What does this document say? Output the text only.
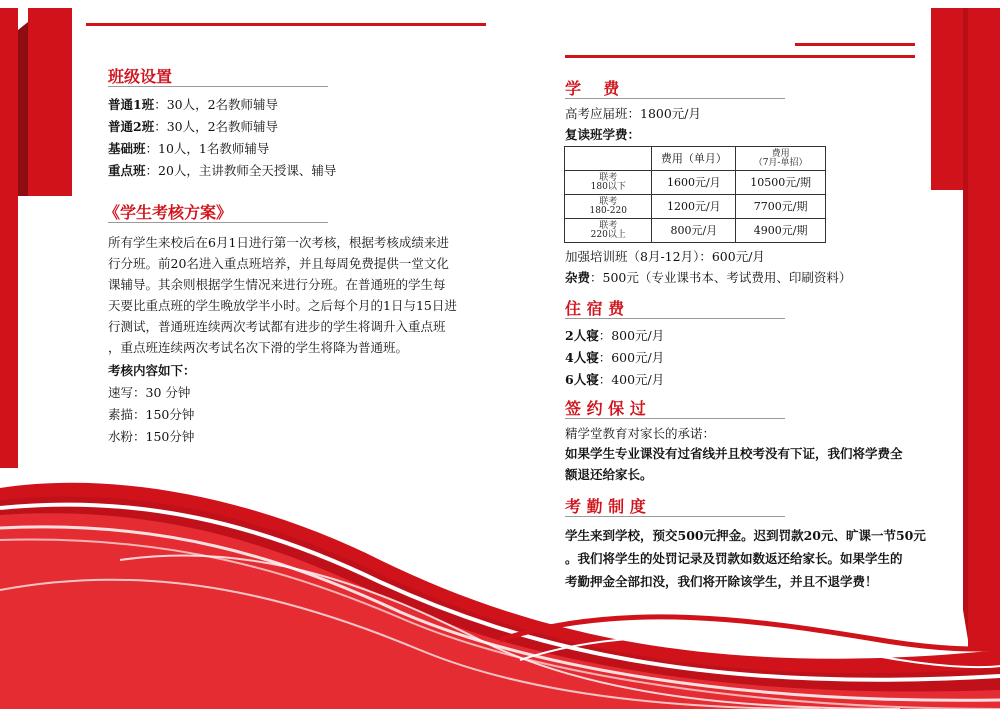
班级设置
普通1班：30人，2名教师辅导
普通2班：30人，2名教师辅导
基础班：10人，1名教师辅导
重点班：20人，主讲教师全天授课、辅导
《学生考核方案》
所有学生来校后在6月1日进行第一次考核，根据考核成绩来进
行分班。前20名进入重点班培养，并且每周免费提供一堂文化
课辅导。其余则根据学生情况来进行分班。在普通班的学生每
天要比重点班的学生晚放学半小时。之后每个月的1日与15日进
行测试，普通班连续两次考试都有进步的学生将调升入重点班
，重点班连续两次考试名次下滑的学生将降为普通班。
考核内容如下：
速写：30 分钟
素描：150分钟
水粉：150分钟
学    费
高考应届班：1800元/月
复读班学费：
	费用（单月）	费用
（7月-单招）

联考
180以下	1600元/月	10500元/期

联考
180-220	1200元/月	7700元/期

联考
220以上	800元/月	4900元/期
加强培训班（8月-12月）：600元/月
杂费：500元（专业课书本、考试费用、印刷资料）
住 宿 费
2人寝：800元/月
4人寝：600元/月
6人寝：400元/月
签 约 保 过
精学堂教育对家长的承诺：
如果学生专业课没有过省线并且校考没有下证，我们将学费全
额退还给家长。
考 勤 制 度
学生来到学校，预交500元押金。迟到罚款20元、旷课一节50元
。我们将学生的处罚记录及罚款如数返还给家长。如果学生的
考勤押金全部扣没，我们将开除该学生，并且不退学费！
